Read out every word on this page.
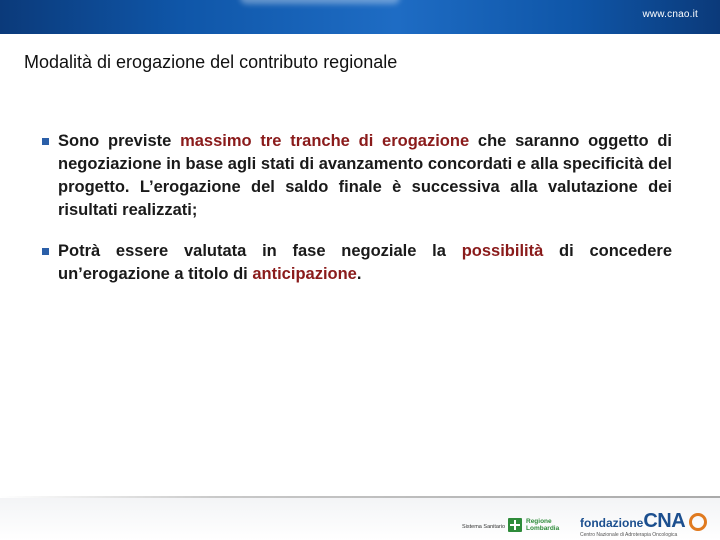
www.cnao.it
Modalità di erogazione del contributo regionale

Sono previste massimo tre tranche di erogazione che saranno oggetto di negoziazione in base agli stati di avanzamento concordati e alla specificità del progetto. L’erogazione del saldo finale è successiva alla valutazione dei risultati realizzati;

Potrà essere valutata in fase negoziale la possibilità di concedere un’erogazione a titolo di anticipazione.

Sistema Sanitario
Regione
Lombardia fondazioneCNA
Centro Nazionale di Adroterapia Oncologica
